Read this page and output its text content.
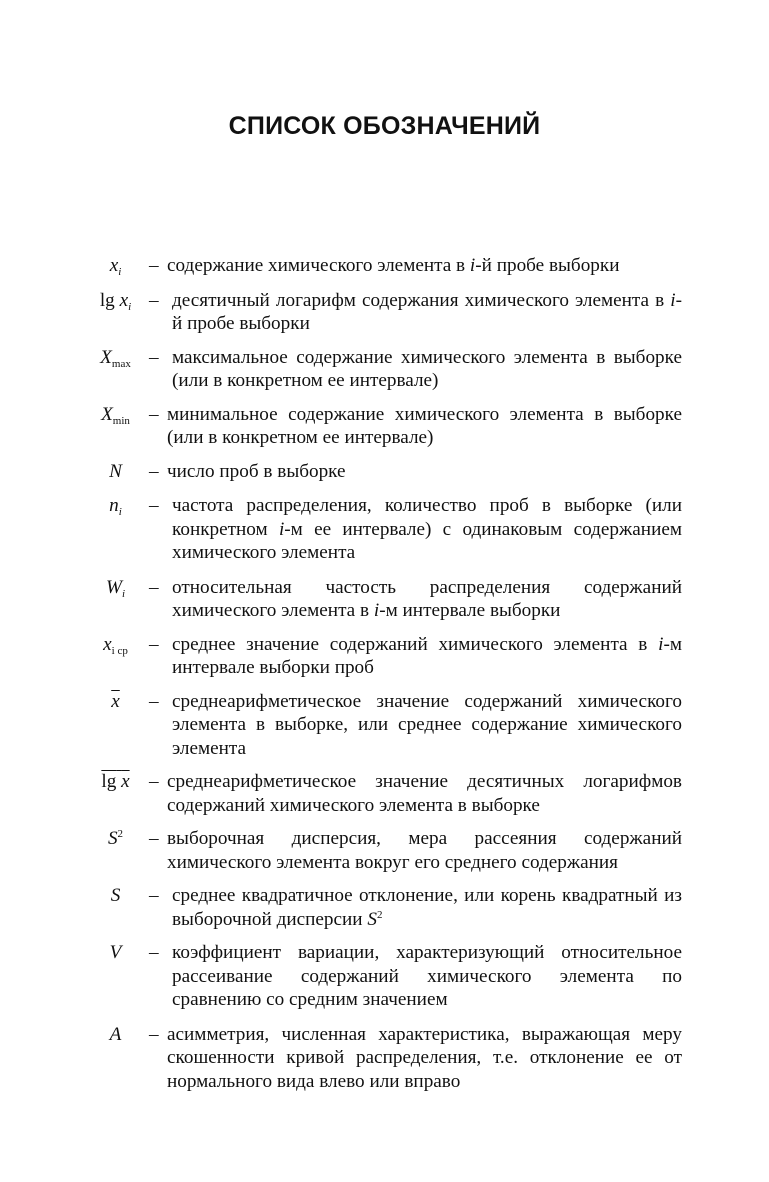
СПИСОК ОБОЗНАЧЕНИЙ
$x_i$	– содержание химического элемента в i-й пробе выборки
$\lg x_i$ – десятичный логарифм содержания химического элемента в i-й пробе выборки
$X_{max}$ – максимальное содержание химического элемента в выборке (или в конкретном ее интервале)
$X_{min}$ – минимальное содержание химического элемента в выборке (или в конкретном ее интервале)
N	– число проб в выборке
$n_i$	– частота распределения, количество проб в выборке (или конкретном i-м ее интервале) с одинаковым содержанием химического элемента
$W_i$	– относительная частость распределения содержаний химического элемента в i-м интервале выборки
$x_{i ср}$	– среднее значение содержаний химического элемента в i-м интервале выборки проб
$\overline{x}$	– среднеарифметическое значение содержаний химического элемента в выборке, или среднее содержание химического элемента
lg x	– среднеарифметическое значение десятичных логарифмов содержаний химического элемента в выборке
$S^2$	– выборочная дисперсия, мера рассеяния содержаний химического элемента вокруг его среднего содержания
S	– среднее квадратичное отклонение, или корень квадратный из выборочной дисперсии $S^2$
V	– коэффициент вариации, характеризующий относительное рассеивание содержаний химического элемента по сравнению со средним значением
A	– асимметрия, численная характеристика, выражающая меру скошенности кривой распределения, т.е. отклонение ее от нормального вида влево или вправо
